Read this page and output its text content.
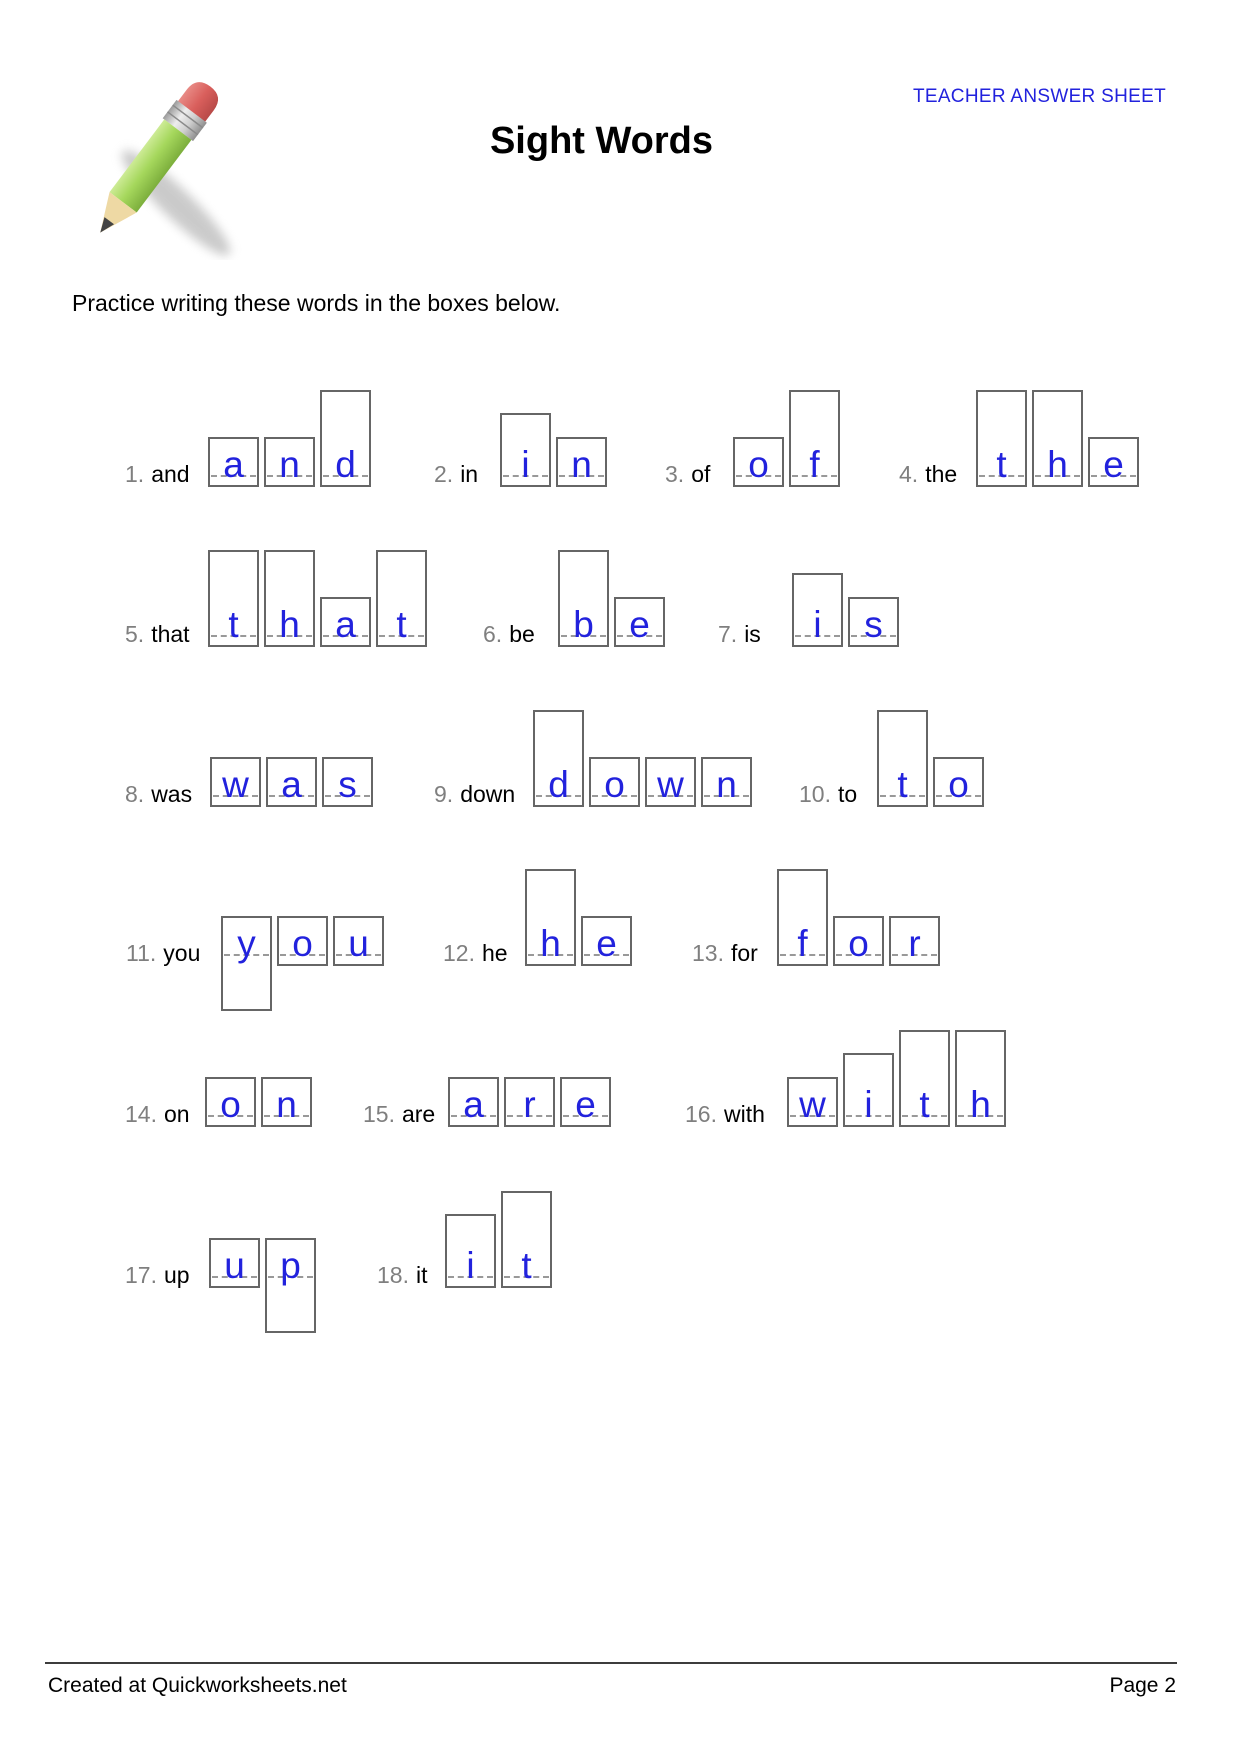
TEACHER ANSWER SHEET
Sight Words
Practice writing these words in the boxes below.
1. and a n d	2. in	i	n	3. of	o	f	4. the	t	h e
5. that	t	h a	t	6. be	b e	7. is	i	s
8. was w a s	9. down d o w n	10. to	t	o
11. you y o u	12. he h e	13. for	f	o	r
14. on o n	15. are a	r	e	16. with w	i	t	h
17. up u p	18. it	i	t
Created at Quickworksheets.net	Page 2
